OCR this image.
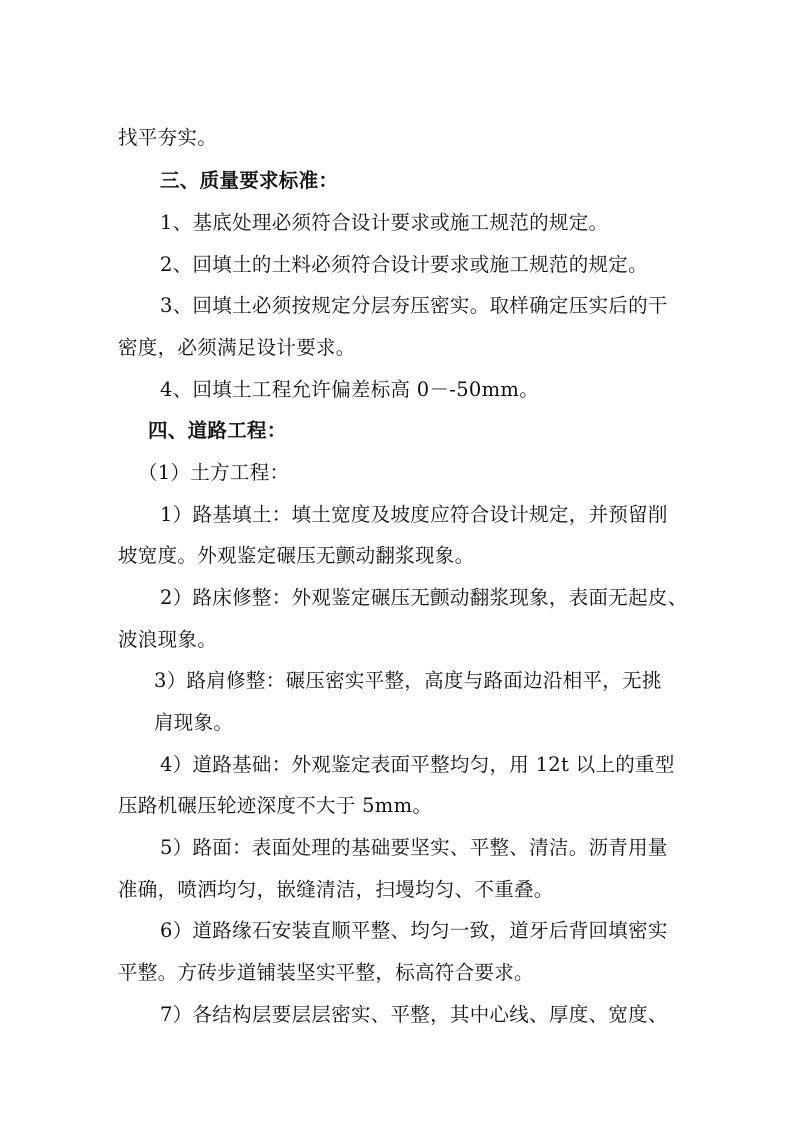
找平夯实。

三、质量要求标准：

1、基底处理必须符合设计要求或施工规范的规定。

2、回填土的土料必须符合设计要求或施工规范的规定。

3、回填土必须按规定分层夯压密实。取样确定压实后的干

密度，必须满足设计要求。

4、回填土工程允许偏差标高 0－-50mm。

四、道路工程：

（1）土方工程：

1）路基填土：填土宽度及坡度应符合设计规定，并预留削

坡宽度。外观鉴定碾压无颤动翻浆现象。

2）路床修整：外观鉴定碾压无颤动翻浆现象，表面无起皮、

波浪现象。

3）路肩修整：碾压密实平整，高度与路面边沿相平，无挑

肩现象。

4）道路基础：外观鉴定表面平整均匀，用 12t 以上的重型

压路机碾压轮迹深度不大于 5mm。

5）路面：表面处理的基础要坚实、平整、清洁。沥青用量

准确，喷洒均匀，嵌缝清洁，扫墁均匀、不重叠。

6）道路缘石安装直顺平整、均匀一致，道牙后背回填密实

平整。方砖步道铺装坚实平整，标高符合要求。

7）各结构层要层层密实、平整，其中心线、厚度、宽度、
